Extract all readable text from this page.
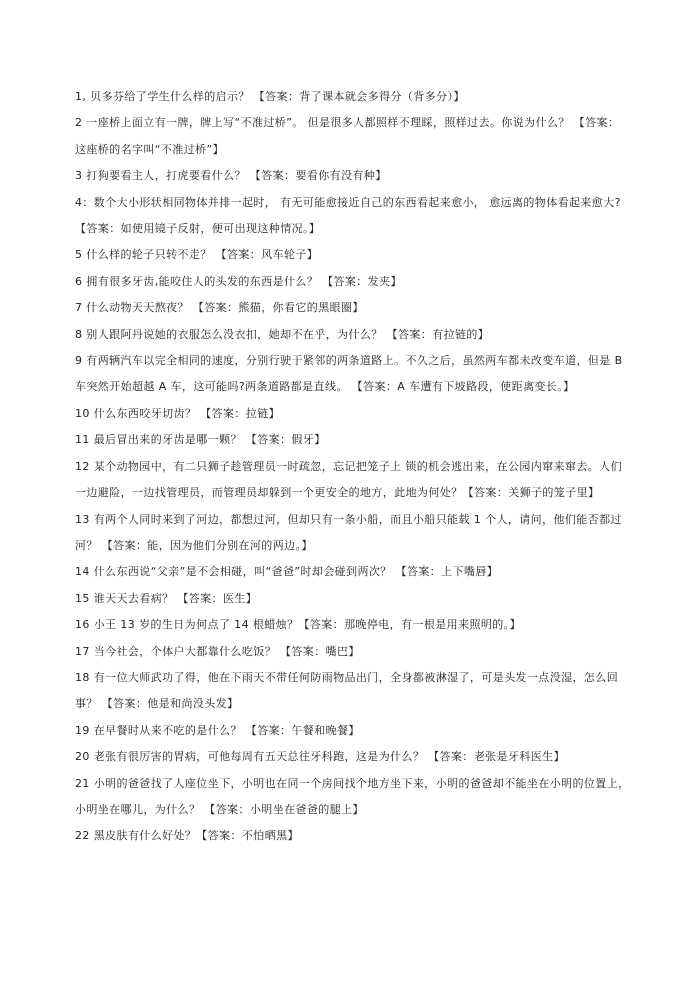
1, 贝多芬给了学生什么样的启示？ 【答案：背了课本就会多得分（背多分）】

2 一座桥上面立有一牌，牌上写“不准过桥”。 但是很多人都照样不理睬，照样过去。你说为什么？ 【答案：这座桥的名字叫“不准过桥”】

3 打狗要看主人，打虎要看什么？ 【答案：要看你有没有种】

4：数个大小形状相同物体并排一起时， 有无可能愈接近自己的东西看起来愈小， 愈远离的物体看起来愈大? 【答案：如使用镜子反射，便可出现这种情况。】

5 什么样的轮子只转不走？ 【答案：风车轮子】

6 拥有很多牙齿,能咬住人的头发的东西是什么？ 【答案：发夹】

7 什么动物天天熬夜？ 【答案：熊猫，你看它的黑眼圈】

8 别人跟阿丹说她的衣服怎么没衣扣，她却不在乎，为什么？ 【答案：有拉链的】

9 有两辆汽车以完全相同的速度，分别行驶于紧邻的两条道路上。不久之后，虽然两车都未改变车道，但是 B 车突然开始超越 A 车，这可能吗?两条道路都是直线。 【答案：A 车遭有下坡路段，使距离变长。】

10 什么东西咬牙切齿？ 【答案：拉链】

11 最后冒出来的牙齿是哪一颗？ 【答案：假牙】

12 某个动物园中，有二只狮子趁管理员一时疏忽，忘记把笼子上 锁的机会逃出来，在公园内窜来窜去。人们一边避险，一边找管理员，而管理员却躲到一个更安全的地方，此地为何处？【答案：关狮子的笼子里】

13 有两个人同时来到了河边，都想过河，但却只有一条小船，而且小船只能载 1 个人，请问，他们能否都过河？ 【答案：能，因为他们分别在河的两边。】

14 什么东西说“父亲”是不会相碰，叫“爸爸”时却会碰到两次？ 【答案：上下嘴唇】

15 谁天天去看病？ 【答案：医生】

16 小王 13 岁的生日为何点了 14 根蜡烛？【答案：那晚停电，有一根是用来照明的。】

17 当今社会，个体户大都靠什么吃饭？ 【答案：嘴巴】

18 有一位大师武功了得，他在下雨天不带任何防雨物品出门，全身都被淋湿了，可是头发一点没湿，怎么回事？ 【答案：他是和尚没头发】

19 在早餐时从来不吃的是什么？ 【答案：午餐和晚餐】

20 老张有很厉害的胃病，可他每周有五天总往牙科跑，这是为什么？ 【答案：老张是牙科医生】

21 小明的爸爸找了人座位坐下，小明也在同一个房间找个地方坐下来，小明的爸爸却不能坐在小明的位置上，小明坐在哪儿，为什么？ 【答案：小明坐在爸爸的腿上】

22 黑皮肤有什么好处？【答案：不怕晒黑】
